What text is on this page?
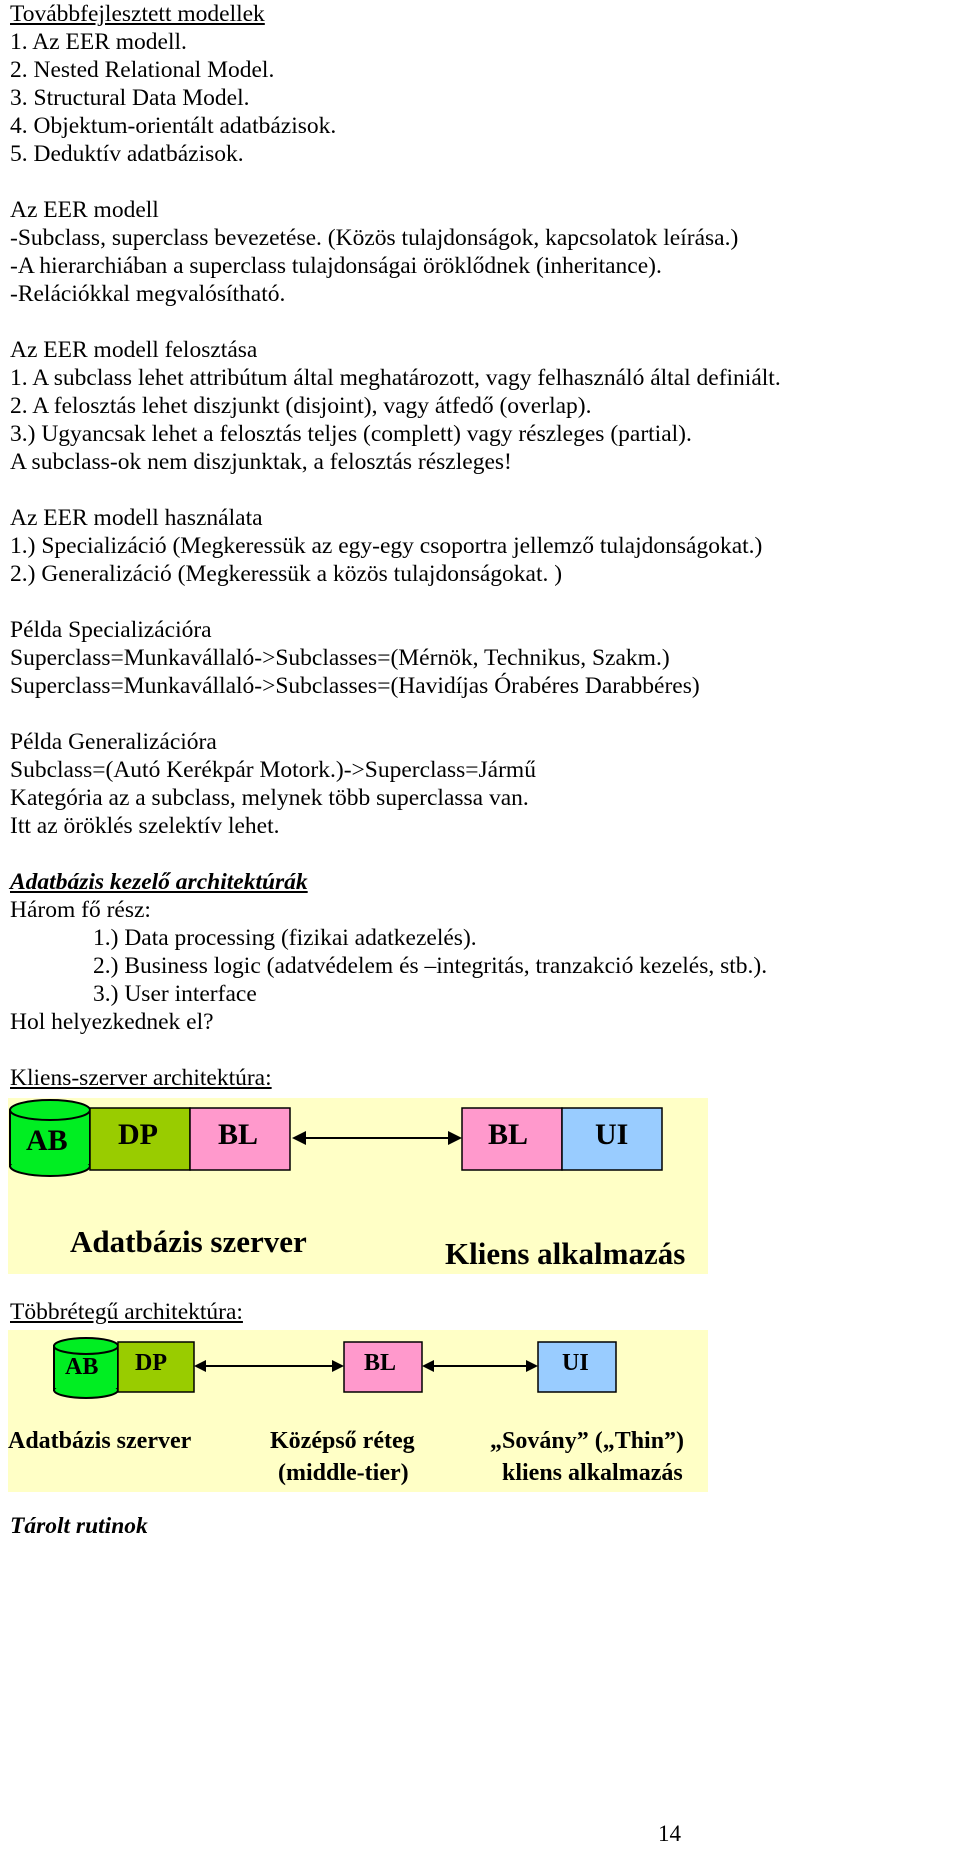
Továbbfejlesztett modellek
1. Az EER modell.
2. Nested Relational Model.
3. Structural Data Model.
4. Objektum-orientált adatbázisok.
5. Deduktív adatbázisok.
Az EER modell
-Subclass, superclass bevezetése. (Közös tulajdonságok, kapcsolatok leírása.)
-A hierarchiában a superclass tulajdonságai öröklődnek (inheritance).
-Relációkkal megvalósítható.
Az EER modell felosztása
1. A subclass lehet attribútum által meghatározott, vagy felhasználó által definiált.
2. A felosztás lehet diszjunkt (disjoint), vagy átfedő (overlap).
3.) Ugyancsak lehet a felosztás teljes (complett) vagy részleges (partial).
A subclass-ok nem diszjunktak, a felosztás részleges!
Az EER modell használata
1.) Specializáció (Megkeressük az egy-egy csoportra jellemző tulajdonságokat.)
2.) Generalizáció (Megkeressük a közös tulajdonságokat. )
Példa Specializációra
Superclass=Munkavállaló->Subclasses=(Mérnök, Technikus, Szakm.)
Superclass=Munkavállaló->Subclasses=(Havidíjas Órabéres Darabbéres)
Példa Generalizációra
Subclass=(Autó Kerékpár Motork.)->Superclass=Jármű
Kategória az a subclass, melynek több superclassa van.
Itt az öröklés szelektív lehet.
Adatbázis kezelő architektúrák
Három fő rész:
1.) Data processing (fizikai adatkezelés).
2.) Business logic (adatvédelem és –integritás, tranzakció kezelés, stb.).
3.) User interface
Hol helyezkednek el?
Kliens-szerver architektúra:
AB DP BL	BL UI
Adatbázis szerver	Kliens alkalmazás
Többrétegű architektúra:
AB DP	BL	UI
Adatbázis szerver	Középső réteg
(middle-tier)
„Sovány” („Thin”)
kliens alkalmazás
Tárolt rutinok
14
